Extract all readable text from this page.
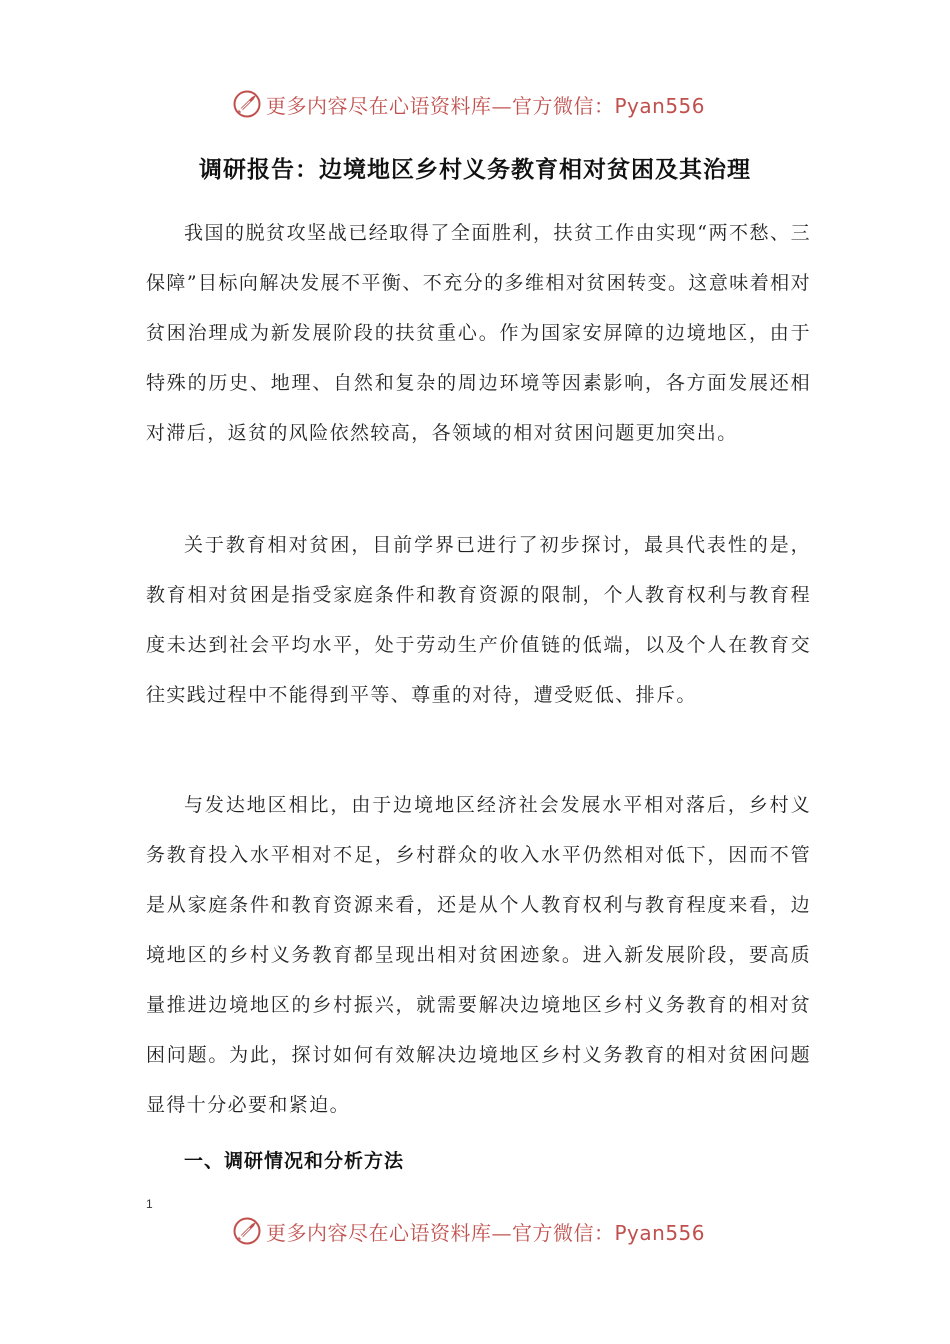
更多内容尽在心语资料库—官方微信：Pyan556
调研报告：边境地区乡村义务教育相对贫困及其治理

我国的脱贫攻坚战已经取得了全面胜利，扶贫工作由实现“两不愁、三保障”目标向解决发展不平衡、不充分的多维相对贫困转变。这意味着相对贫困治理成为新发展阶段的扶贫重心。作为国家安屏障的边境地区，由于特殊的历史、地理、自然和复杂的周边环境等因素影响，各方面发展还相对滞后，返贫的风险依然较高，各领域的相对贫困问题更加突出。

关于教育相对贫困，目前学界已进行了初步探讨，最具代表性的是，教育相对贫困是指受家庭条件和教育资源的限制，个人教育权利与教育程度未达到社会平均水平，处于劳动生产价值链的低端，以及个人在教育交往实践过程中不能得到平等、尊重的对待，遭受贬低、排斥。

与发达地区相比，由于边境地区经济社会发展水平相对落后，乡村义务教育投入水平相对不足，乡村群众的收入水平仍然相对低下，因而不管是从家庭条件和教育资源来看，还是从个人教育权利与教育程度来看，边境地区的乡村义务教育都呈现出相对贫困迹象。进入新发展阶段，要高质量推进边境地区的乡村振兴，就需要解决边境地区乡村义务教育的相对贫困问题。为此，探讨如何有效解决边境地区乡村义务教育的相对贫困问题显得十分必要和紧迫。

一、调研情况和分析方法
1
更多内容尽在心语资料库—官方微信：Pyan556
